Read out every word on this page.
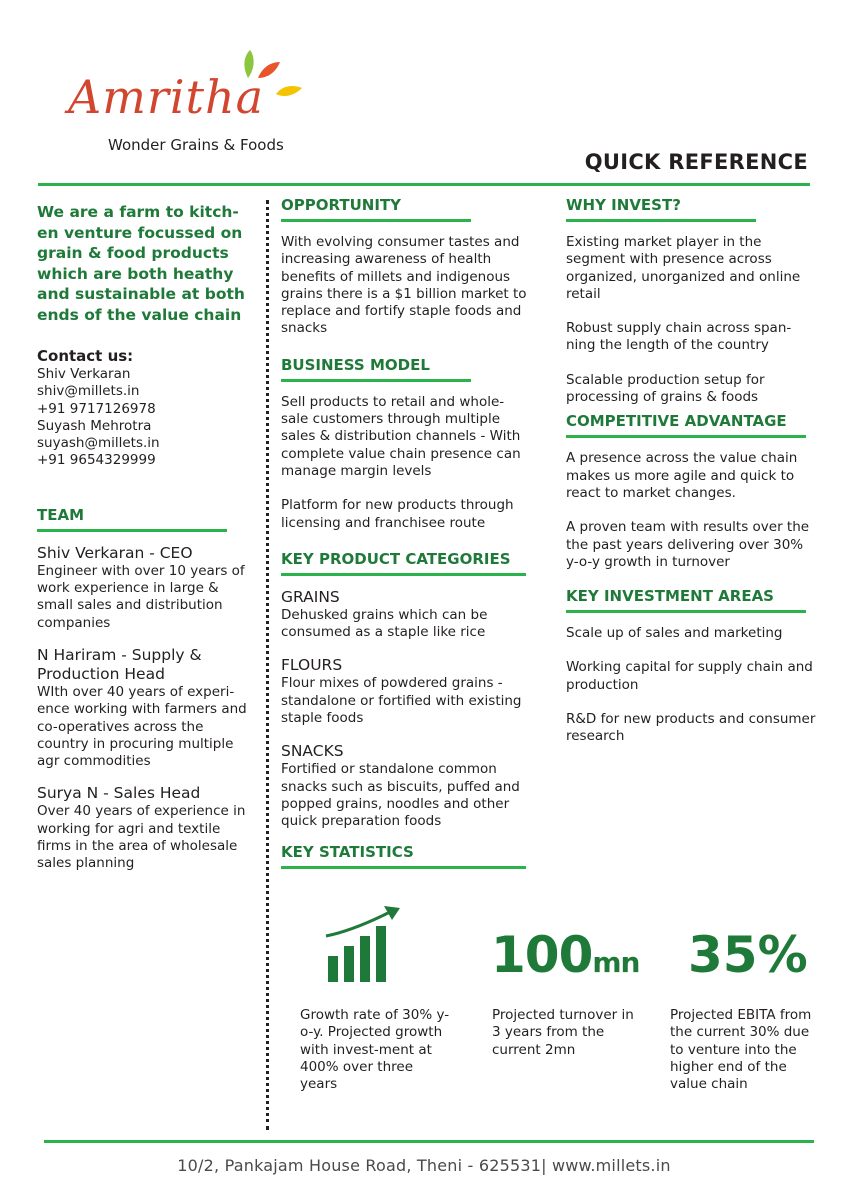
Amritha
Wonder Grains & Foods
QUICK REFERENCE
We are a farm to kitch-en venture focussed on grain & food products which are both heathy and sustainable at both ends of the value chain
Contact us:
Shiv Verkaran
shiv@millets.in
+91 9717126978
Suyash Mehrotra
suyash@millets.in
+91 9654329999
TEAM
Shiv Verkaran - CEO
Engineer with over 10 years of work experience in large & small sales and distribution companies
N Hariram - Supply & Production Head
WIth over 40 years of experi-ence working with farmers and co-operatives across the country in procuring multiple agr commodities
Surya N - Sales Head
Over 40 years of experience in working for agri and textile firms in the area of wholesale sales planning
OPPORTUNITY
With evolving consumer tastes and increasing awareness of health benefits of millets and indigenous grains there is a $1 billion market to replace and fortify staple foods and snacks
BUSINESS MODEL
Sell products to retail and whole-sale customers through multiple sales & distribution channels - With complete value chain presence can manage margin levels
Platform for new products through licensing and franchisee route
KEY PRODUCT CATEGORIES
GRAINS
Dehusked grains which can be consumed as a staple like rice
FLOURS
Flour mixes of powdered grains - standalone or fortified with existing staple foods
SNACKS
Fortified or standalone common snacks such as biscuits, puffed and popped grains, noodles and other quick preparation foods
KEY STATISTICS
WHY INVEST?
Existing market player in the segment with presence across organized, unorganized and online retail
Robust supply chain across span-ning the length of the country
Scalable production setup for processing of grains & foods
COMPETITIVE ADVANTAGE
A presence across the value chain makes us more agile and quick to react to market changes.
A proven team with results over the the past years delivering over 30% y-o-y growth in turnover
KEY INVESTMENT AREAS
Scale up of sales and marketing
Working capital for supply chain and production
R&D for new products and consumer research
100mn 35%
Growth rate of 30% y-o-y. Projected growth with invest-ment at 400% over three years
Projected turnover in 3 years from the current 2mn
Projected EBITA from the current 30% due to venture into the higher end of the value chain
10/2, Pankajam House Road, Theni - 625531| www.millets.in
